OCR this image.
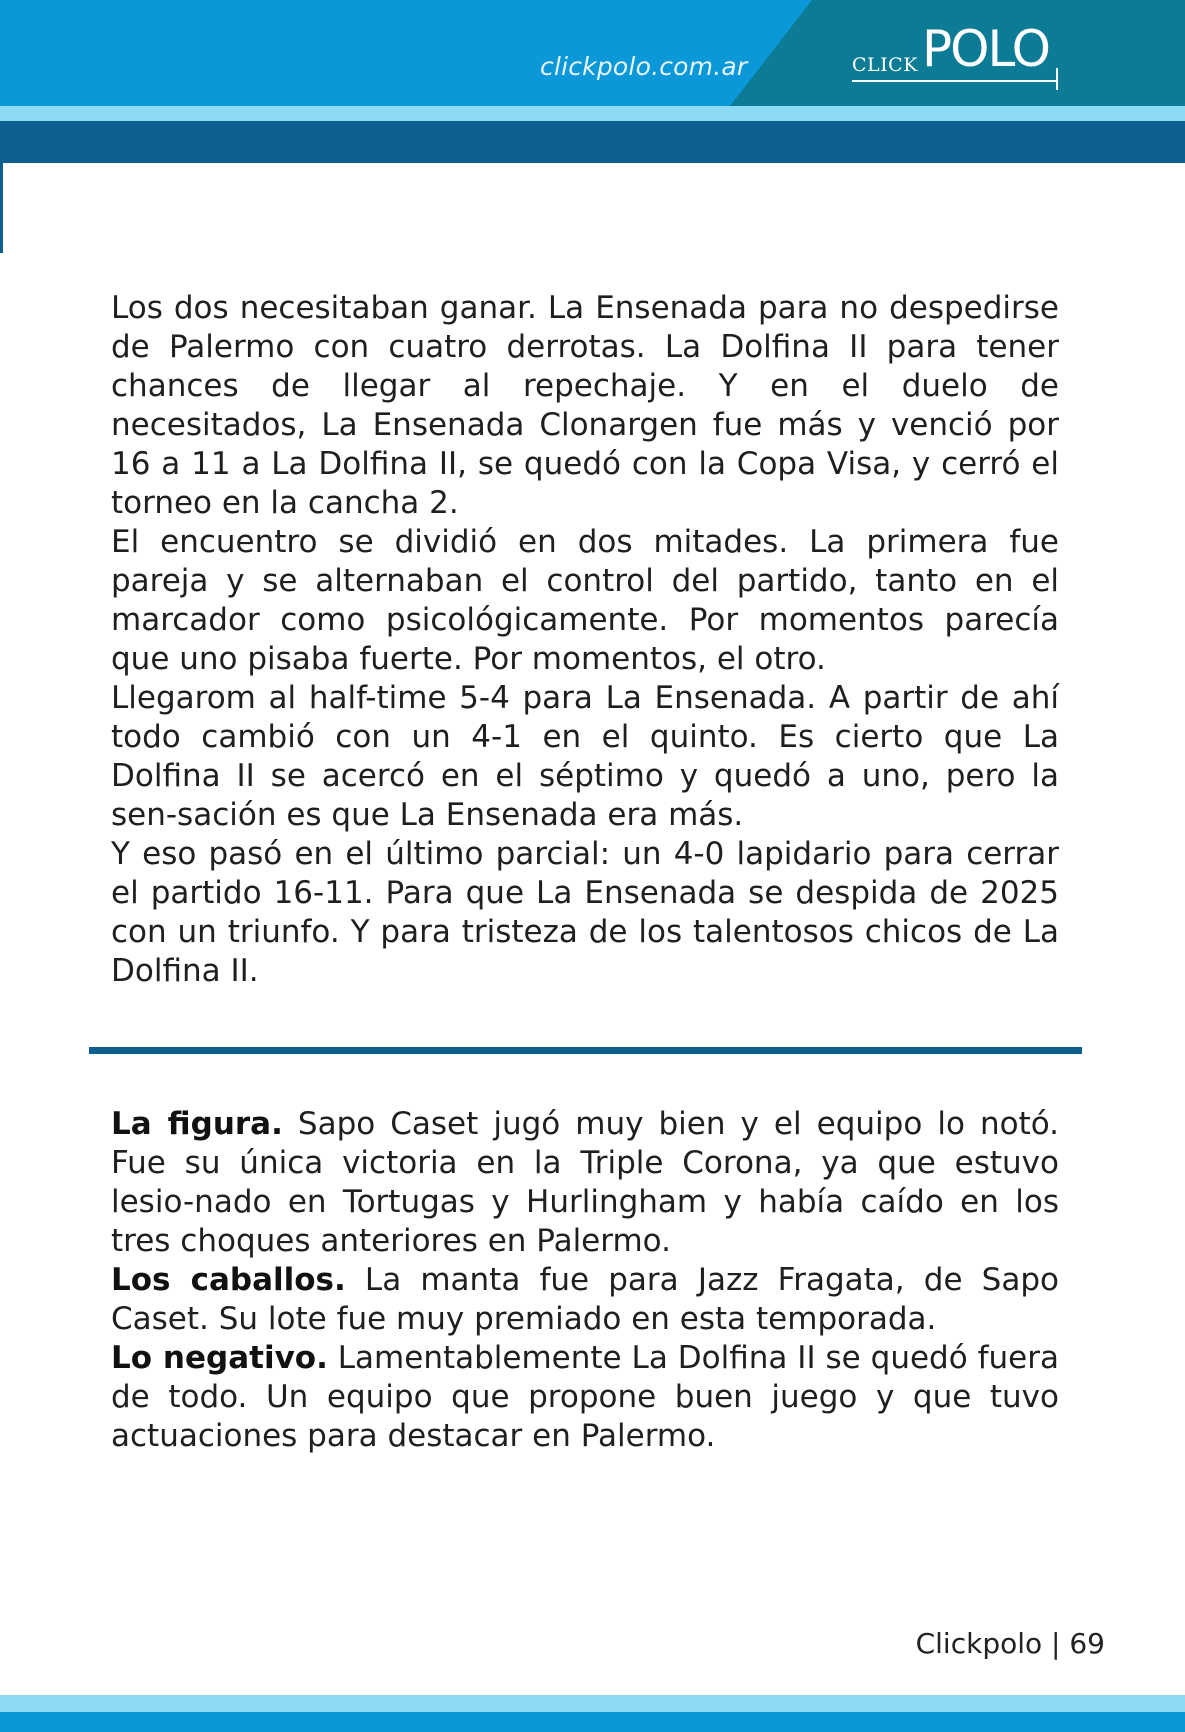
clickpolo.com.ar	CLICK POLO

Los dos necesitaban ganar. La Ensenada para no despedirse de Palermo con cuatro derrotas. La Dolfina II para tener chances de llegar al repechaje. Y en el duelo de necesitados, La Ensenada Clonargen fue más y venció por 16 a 11 a La Dolfina II, se quedó con la Copa Visa, y cerró el torneo en la cancha 2.

El encuentro se dividió en dos mitades. La primera fue pareja y se alternaban el control del partido, tanto en el marcador como psicológicamente. Por momentos parecía que uno pisaba fuerte. Por momentos, el otro.

Llegarom al half-time 5-4 para La Ensenada. A partir de ahí todo cambió con un 4-1 en el quinto. Es cierto que La Dolfina II se acercó en el séptimo y quedó a uno, pero la sen-sación es que La Ensenada era más.

Y eso pasó en el último parcial: un 4-0 lapidario para cerrar el partido 16-11. Para que La Ensenada se despida de 2025 con un triunfo. Y para tristeza de los talentosos chicos de La Dolfina II.

La figura. Sapo Caset jugó muy bien y el equipo lo notó. Fue su única victoria en la Triple Corona, ya que estuvo lesio-nado en Tortugas y Hurlingham y había caído en los tres choques anteriores en Palermo.

Los caballos. La manta fue para Jazz Fragata, de Sapo Caset. Su lote fue muy premiado en esta temporada.

Lo negativo. Lamentablemente La Dolfina II se quedó fuera de todo. Un equipo que propone buen juego y que tuvo actuaciones para destacar en Palermo.

Clickpolo | 69
